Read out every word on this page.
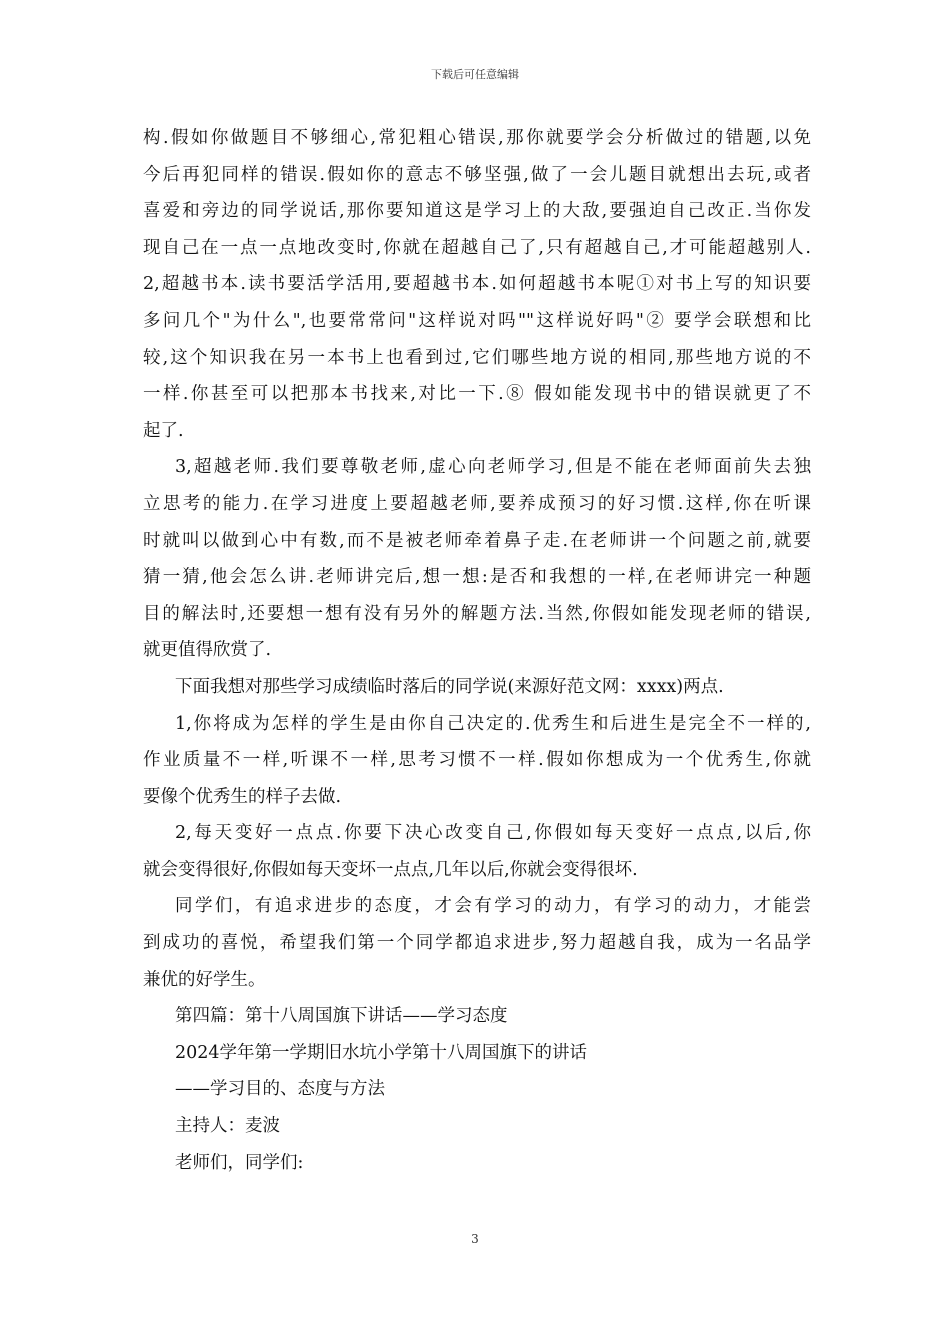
下载后可任意编辑
构.假如你做题目不够细心,常犯粗心错误,那你就要学会分析做过的错题,以免
今后再犯同样的错误.假如你的意志不够坚强,做了一会儿题目就想出去玩,或者
喜爱和旁边的同学说话,那你要知道这是学习上的大敌,要强迫自己改正.当你发
现自己在一点一点地改变时,你就在超越自己了,只有超越自己,才可能超越别人.
2,超越书本.读书要活学活用,要超越书本.如何超越书本呢①对书上写的知识要
多问几个"为什么",也要常常问"这样说对吗""这样说好吗"② 要学会联想和比
较,这个知识我在另一本书上也看到过,它们哪些地方说的相同,那些地方说的不
一样.你甚至可以把那本书找来,对比一下.⑧ 假如能发现书中的错误就更了不
起了.
3,超越老师.我们要尊敬老师,虚心向老师学习,但是不能在老师面前失去独
立思考的能力.在学习进度上要超越老师,要养成预习的好习惯.这样,你在听课
时就叫以做到心中有数,而不是被老师牵着鼻子走.在老师讲一个问题之前,就要
猜一猜,他会怎么讲.老师讲完后,想一想:是否和我想的一样,在老师讲完一种题
目的解法时,还要想一想有没有另外的解题方法.当然,你假如能发现老师的错误,
就更值得欣赏了.
下面我想对那些学习成绩临时落后的同学说(来源好范文网：xxxx)两点.
1,你将成为怎样的学生是由你自己决定的.优秀生和后进生是完全不一样的,
作业质量不一样,听课不一样,思考习惯不一样.假如你想成为一个优秀生,你就
要像个优秀生的样子去做.
2,每天变好一点点.你要下决心改变自己,你假如每天变好一点点,以后,你
就会变得很好,你假如每天变坏一点点,几年以后,你就会变得很坏.
同学们，有追求进步的态度，才会有学习的动力，有学习的动力，才能尝
到成功的喜悦，希望我们第一个同学都追求进步,努力超越自我，成为一名品学
兼优的好学生。
第四篇：第十八周国旗下讲话——学习态度
2024学年第一学期旧水坑小学第十八周国旗下的讲话
——学习目的、态度与方法
主持人：麦波
老师们，同学们:
3
